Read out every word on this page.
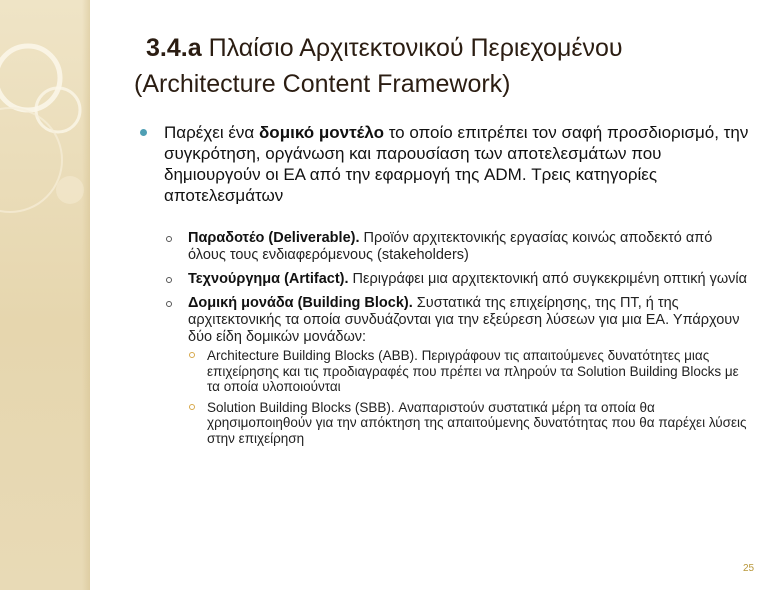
3.4.a Πλαίσιο Αρχιτεκτονικού Περιεχομένου
(Architecture Content Framework)
Παρέχει ένα δομικό μοντέλο το οποίο επιτρέπει τον σαφή προσδιορισμό, την συγκρότηση, οργάνωση και παρουσίαση των αποτελεσμάτων που δημιουργούν οι ΕΑ από την εφαρμογή της ADM. Τρεις κατηγορίες αποτελεσμάτων
Παραδοτέο (Deliverable). Προϊόν αρχιτεκτονικής εργασίας κοινώς αποδεκτό από όλους τους ενδιαφερόμενους (stakeholders)
Τεχνούργημα (Artifact). Περιγράφει μια αρχιτεκτονική από συγκεκριμένη οπτική γωνία
Δομική μονάδα (Building Block). Συστατικά της επιχείρησης, της ΠΤ, ή της αρχιτεκτονικής τα οποία συνδυάζονται για την εξεύρεση λύσεων για μια ΕΑ. Υπάρχουν δύο είδη δομικών μονάδων:
Architecture Building Blocks (ABB). Περιγράφουν τις απαιτούμενες δυνατότητες μιας επιχείρησης και τις προδιαγραφές που πρέπει να πληρούν τα Solution Building Blocks με τα οποία υλοποιούνται
Solution Building Blocks (SBB). Αναπαριστούν συστατικά μέρη τα οποία θα χρησιμοποιηθούν για την απόκτηση της απαιτούμενης δυνατότητας που θα παρέχει λύσεις στην επιχείρηση
25
